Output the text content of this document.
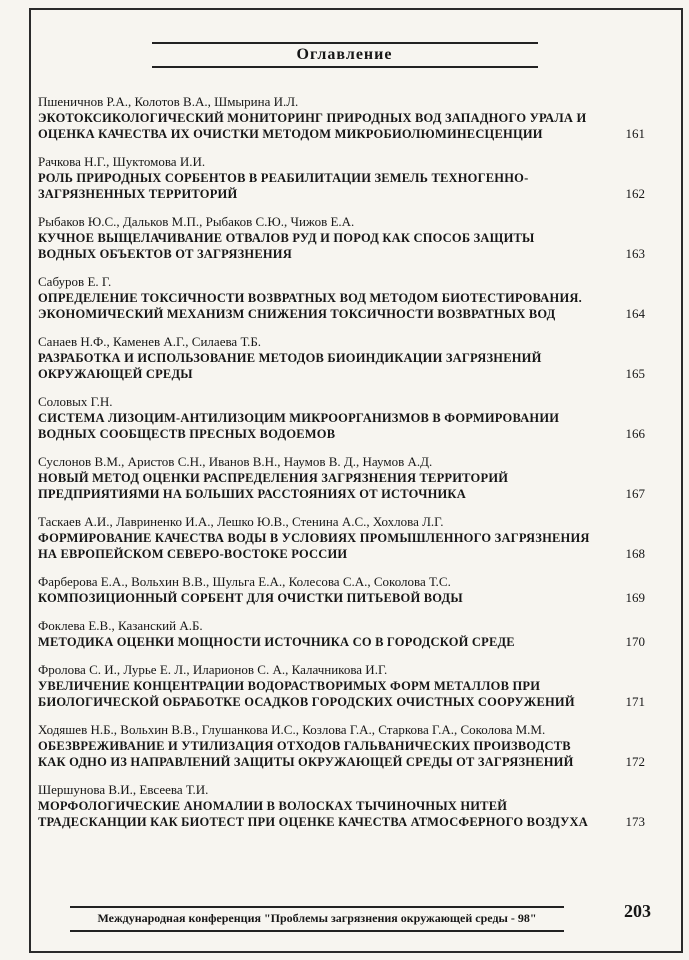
Оглавление
Пшеничнов Р.А., Колотов В.А., Шмырина И.Л.
ЭКОТОКСИКОЛОГИЧЕСКИЙ МОНИТОРИНГ ПРИРОДНЫХ ВОД ЗАПАДНОГО УРАЛА И ОЦЕНКА КАЧЕСТВА ИХ ОЧИСТКИ МЕТОДОМ МИКРОБИОЛЮМИНЕСЦЕНЦИИ	161
Рачкова Н.Г., Шуктомова И.И.
РОЛЬ ПРИРОДНЫХ СОРБЕНТОВ В РЕАБИЛИТАЦИИ ЗЕМЕЛЬ ТЕХНОГЕННО-ЗАГРЯЗНЕННЫХ ТЕРРИТОРИЙ	162
Рыбаков Ю.С., Дальков М.П., Рыбаков С.Ю., Чижов Е.А.
КУЧНОЕ ВЫЩЕЛАЧИВАНИЕ ОТВАЛОВ РУД И ПОРОД КАК СПОСОБ ЗАЩИТЫ ВОДНЫХ ОБЪЕКТОВ ОТ ЗАГРЯЗНЕНИЯ	163
Сабуров Е. Г.
ОПРЕДЕЛЕНИЕ ТОКСИЧНОСТИ ВОЗВРАТНЫХ ВОД МЕТОДОМ БИОТЕСТИРОВАНИЯ. ЭКОНОМИЧЕСКИЙ МЕХАНИЗМ СНИЖЕНИЯ ТОКСИЧНОСТИ ВОЗВРАТНЫХ ВОД	164
Санаев Н.Ф., Каменев А.Г., Силаева Т.Б.
РАЗРАБОТКА И ИСПОЛЬЗОВАНИЕ МЕТОДОВ БИОИНДИКАЦИИ ЗАГРЯЗНЕНИЙ ОКРУЖАЮЩЕЙ СРЕДЫ	165
Соловых Г.Н.
СИСТЕМА ЛИЗОЦИМ-АНТИЛИЗОЦИМ МИКРООРГАНИЗМОВ В ФОРМИРОВАНИИ ВОДНЫХ СООБЩЕСТВ ПРЕСНЫХ ВОДОЕМОВ	166
Суслонов В.М., Аристов С.Н., Иванов В.Н., Наумов В. Д., Наумов А.Д.
НОВЫЙ МЕТОД ОЦЕНКИ РАСПРЕДЕЛЕНИЯ ЗАГРЯЗНЕНИЯ ТЕРРИТОРИЙ ПРЕДПРИЯТИЯМИ НА БОЛЬШИХ РАССТОЯНИЯХ ОТ ИСТОЧНИКА	167
Таскаев А.И., Лавриненко И.А., Лешко Ю.В., Стенина А.С., Хохлова Л.Г.
ФОРМИРОВАНИЕ КАЧЕСТВА ВОДЫ В УСЛОВИЯХ ПРОМЫШЛЕННОГО ЗАГРЯЗНЕНИЯ НА ЕВРОПЕЙСКОМ СЕВЕРО-ВОСТОКЕ РОССИИ	168
Фарберова Е.А., Вольхин В.В., Шульга Е.А., Колесова С.А., Соколова Т.С.
КОМПОЗИЦИОННЫЙ СОРБЕНТ ДЛЯ ОЧИСТКИ ПИТЬЕВОЙ ВОДЫ	169
Фоклева Е.В., Казанский А.Б.
МЕТОДИКА ОЦЕНКИ МОЩНОСТИ ИСТОЧНИКА СО В ГОРОДСКОЙ СРЕДЕ	170
Фролова С. И., Лурье Е. Л., Иларионов С. А., Калачникова И.Г.
УВЕЛИЧЕНИЕ КОНЦЕНТРАЦИИ ВОДОРАСТВОРИМЫХ ФОРМ МЕТАЛЛОВ ПРИ БИОЛОГИЧЕСКОЙ ОБРАБОТКЕ ОСАДКОВ ГОРОДСКИХ ОЧИСТНЫХ СООРУЖЕНИЙ	171
Ходяшев Н.Б., Вольхин В.В., Глушанкова И.С., Козлова Г.А., Старкова Г.А., Соколова М.М.
ОБЕЗВРЕЖИВАНИЕ И УТИЛИЗАЦИЯ ОТХОДОВ ГАЛЬВАНИЧЕСКИХ ПРОИЗВОДСТВ КАК ОДНО ИЗ НАПРАВЛЕНИЙ ЗАЩИТЫ ОКРУЖАЮЩЕЙ СРЕДЫ ОТ ЗАГРЯЗНЕНИЙ	172
Шершунова В.И., Евсеева Т.И.
МОРФОЛОГИЧЕСКИЕ АНОМАЛИИ В ВОЛОСКАХ ТЫЧИНОЧНЫХ НИТЕЙ ТРАДЕСКАНЦИИ КАК БИОТЕСТ ПРИ ОЦЕНКЕ КАЧЕСТВА АТМОСФЕРНОГО ВОЗДУХА	173
Международная конференция "Проблемы загрязнения окружающей среды - 98"	203
